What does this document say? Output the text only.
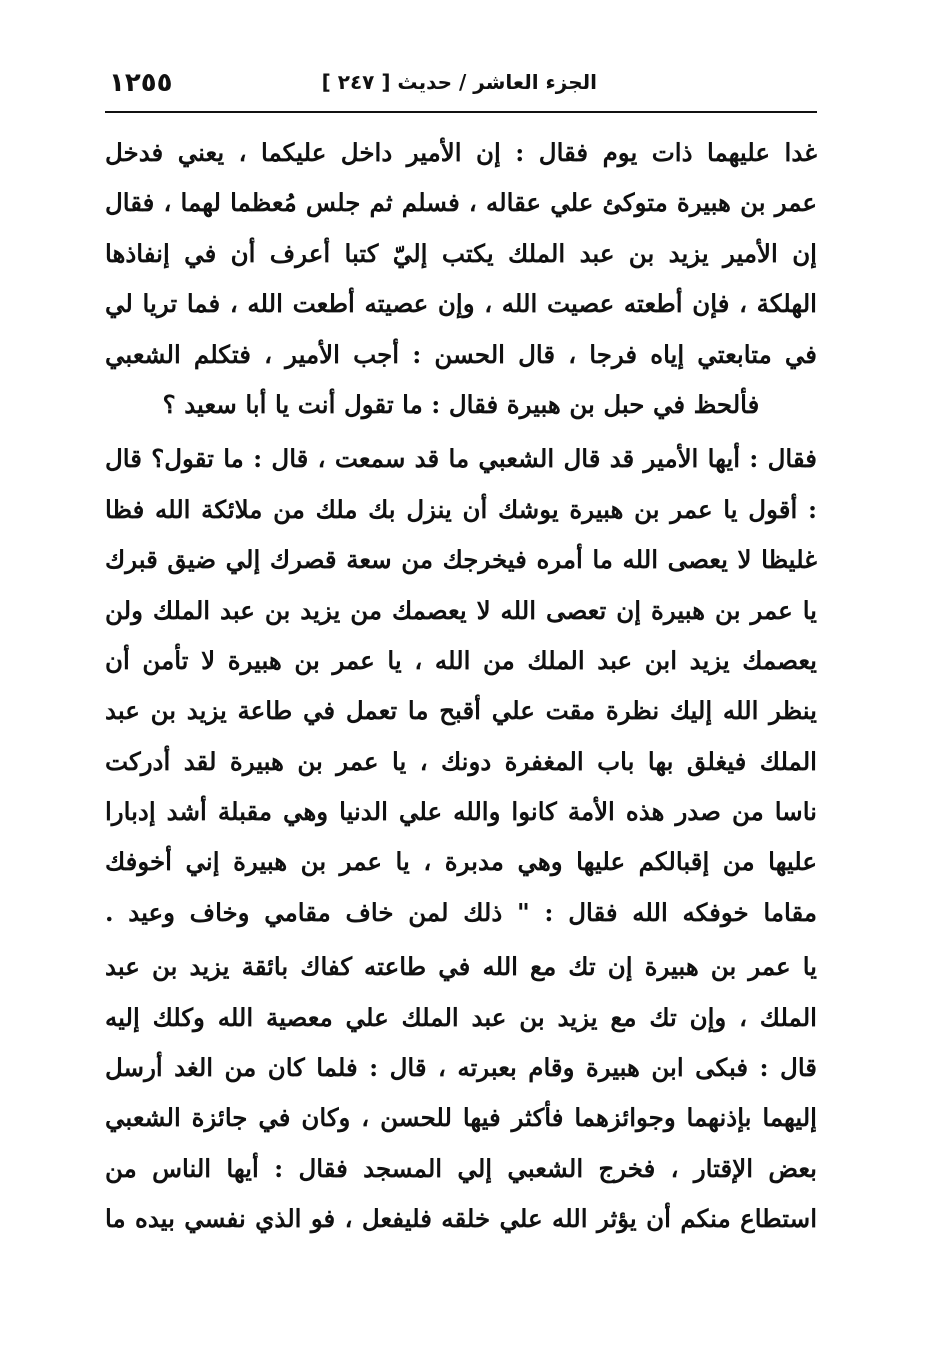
الجزء العاشر / حديث [ ٢٤٧ ]
١٢٥٥
غدا عليهما ذات يوم فقال : إن الأمير داخل عليكما ، يعني فدخل
عمر بن هبيرة متوكئ علي عقاله ، فسلم ثم جلس مُعظما لهما ، فقال
إن الأمير يزيد بن عبد الملك يكتب إليّ كتبا أعرف أن في إنفاذها
الهلكة ، فإن أطعته عصيت الله ، وإن عصيته أطعت الله ، فما تريا لي
في متابعتي إياه فرجا ، قال الحسن : أجب الأمير ، فتكلم الشعبي
فألحظ في حبل بن هبيرة فقال : ما تقول أنت يا أبا سعيد ؟
فقال : أيها الأمير قد قال الشعبي ما قد سمعت ، قال : ما تقول؟ قال
: أقول يا عمر بن هبيرة يوشك أن ينزل بك ملك من ملائكة الله فظا
غليظا لا يعصى الله ما أمره فيخرجك من سعة قصرك إلي ضيق قبرك
يا عمر بن هبيرة إن تعصى الله لا يعصمك من يزيد بن عبد الملك ولن
يعصمك يزيد ابن عبد الملك من الله ، يا عمر بن هبيرة لا تأمن أن
ينظر الله إليك نظرة مقت علي أقبح ما تعمل في طاعة يزيد بن عبد
الملك فيغلق بها باب المغفرة دونك ، يا عمر بن هبيرة لقد أدركت
ناسا من صدر هذه الأمة كانوا والله علي الدنيا وهي مقبلة أشد إدبارا
عليها من إقبالكم عليها وهي مدبرة ، يا عمر بن هبيرة إني أخوفك
مقاما خوفكه الله فقال : " ذلك لمن خاف مقامي وخاف وعيد .
يا عمر بن هبيرة إن تك مع الله في طاعته كفاك بائقة يزيد بن عبد
الملك ، وإن تك مع يزيد بن عبد الملك علي معصية الله وكلك إليه
قال : فبكى ابن هبيرة وقام بعبرته ، قال : فلما كان من الغد أرسل
إليهما بإذنهما وجوائزهما فأكثر فيها للحسن ، وكان في جائزة الشعبي
بعض الإقتار ، فخرج الشعبي إلي المسجد فقال : أيها الناس من
استطاع منكم أن يؤثر الله علي خلقه فليفعل ، فو الذي نفسي بيده ما
